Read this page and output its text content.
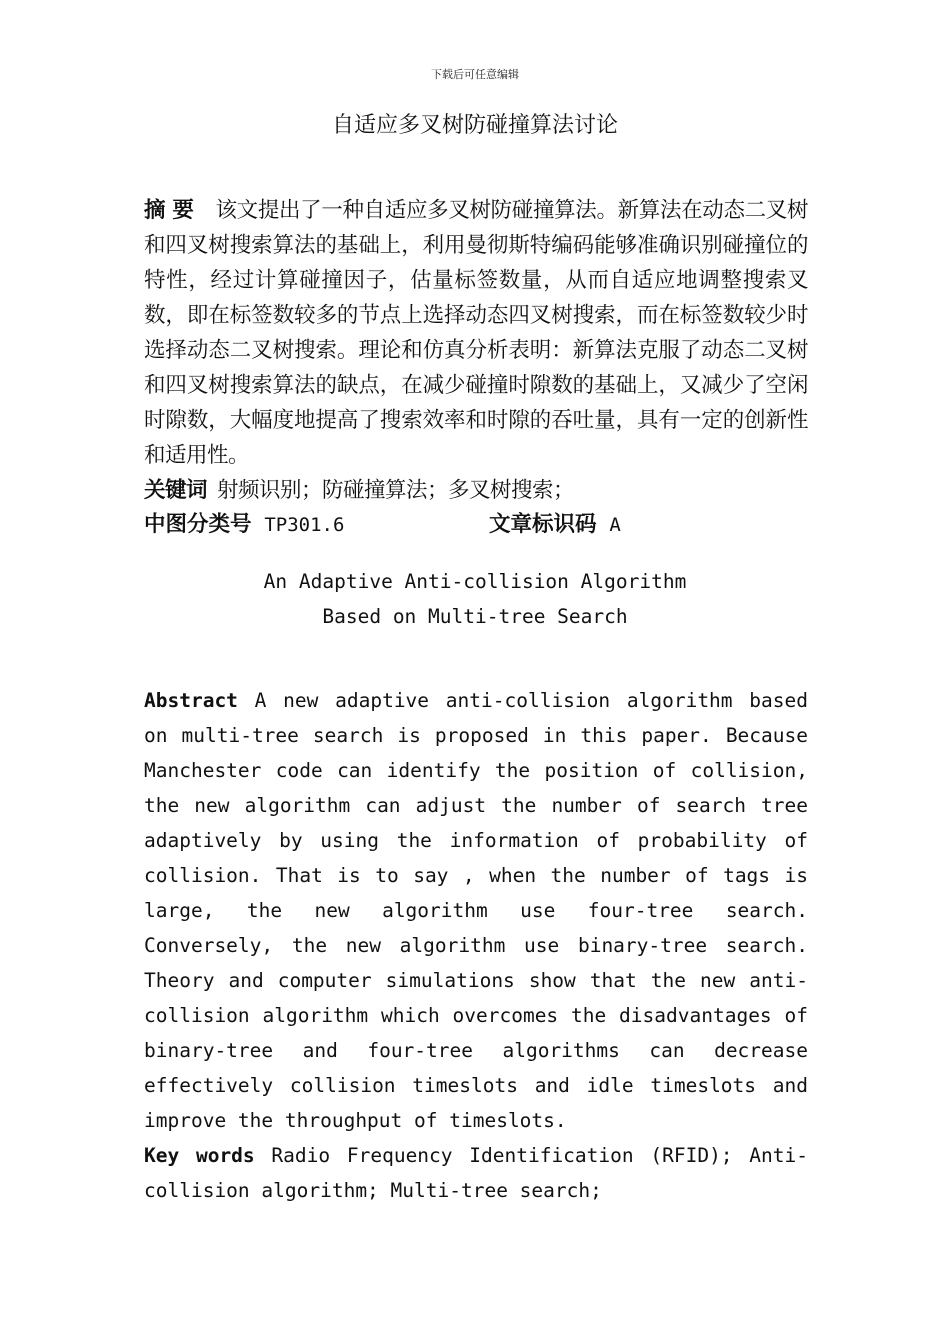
下载后可任意编辑
自适应多叉树防碰撞算法讨论

摘 要 该文提出了一种自适应多叉树防碰撞算法。新算法在动态二叉树和四叉树搜索算法的基础上，利用曼彻斯特编码能够准确识别碰撞位的特性，经过计算碰撞因子，估量标签数量，从而自适应地调整搜索叉数，即在标签数较多的节点上选择动态四叉树搜索，而在标签数较少时选择动态二叉树搜索。理论和仿真分析表明：新算法克服了动态二叉树和四叉树搜索算法的缺点，在减少碰撞时隙数的基础上，又减少了空闲时隙数，大幅度地提高了搜索效率和时隙的吞吐量，具有一定的创新性和适用性。

关键词 射频识别；防碰撞算法；多叉树搜索；

中图分类号 TP301.6	文章标识码 A
An Adaptive Anti-collision Algorithm
Based on Multi-tree Search

Abstract A new adaptive anti-collision algorithm based on multi-tree search is proposed in this paper. Because Manchester code can identify the position of collision, the new algorithm can adjust the number of search tree adaptively by using the information of probability of collision. That is to say , when the number of tags is large, the new algorithm use four-tree search. Conversely, the new algorithm use binary-tree search. Theory and computer simulations show that the new anti-collision algorithm which overcomes the disadvantages of binary-tree and four-tree algorithms can decrease effectively collision timeslots and idle timeslots and improve the throughput of timeslots.

Key words Radio Frequency Identification (RFID); Anti-collision algorithm; Multi-tree search;
